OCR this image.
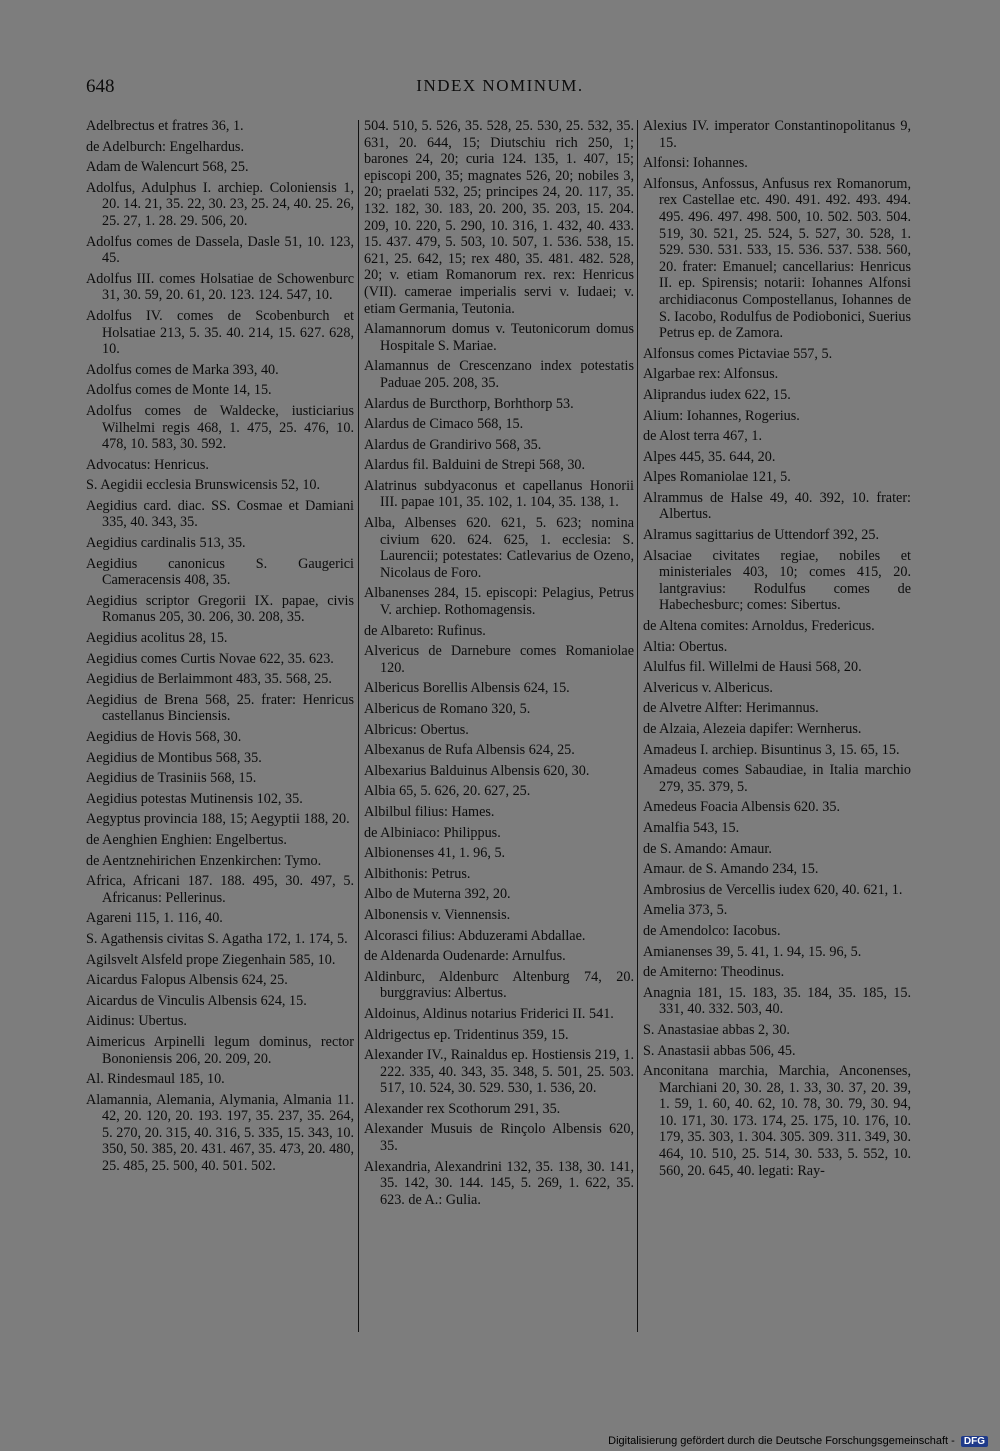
648	INDEX NOMINUM.
Adelbrectus et fratres 36, 1.
de Adelburch: Engelhardus.
Adam de Walencurt 568, 25.
Adolfus, Adulphus I. archiep. Coloniensis 1, 20. 14. 21, 35. 22, 30. 23, 25. 24, 40. 25. 26, 25. 27, 1. 28. 29. 506, 20.
Adolfus comes de Dassela, Dasle 51, 10. 123, 45.
Adolfus III. comes Holsatiae de Schowenburc 31, 30. 59, 20. 61, 20. 123. 124. 547, 10.
Adolfus IV. comes de Scobenburch et Holsatiae 213, 5. 35. 40. 214, 15. 627. 628, 10.
Adolfus comes de Marka 393, 40.
Adolfus comes de Monte 14, 15.
Adolfus comes de Waldecke, iusticiarius Wilhelmi regis 468, 1. 475, 25. 476, 10. 478, 10. 583, 30. 592.
Advocatus: Henricus.
S. Aegidii ecclesia Brunswicensis 52, 10.
Aegidius card. diac. SS. Cosmae et Damiani 335, 40. 343, 35.
Aegidius cardinalis 513, 35.
Aegidius canonicus S. Gaugerici Cameracensis 408, 35.
Aegidius scriptor Gregorii IX. papae, civis Romanus 205, 30. 206, 30. 208, 35.
Aegidius acolitus 28, 15.
Aegidius comes Curtis Novae 622, 35. 623.
Aegidius de Berlaimmont 483, 35. 568, 25.
Aegidius de Brena 568, 25. frater: Henricus castellanus Binciensis.
Aegidius de Hovis 568, 30.
Aegidius de Montibus 568, 35.
Aegidius de Trasiniis 568, 15.
Aegidius potestas Mutinensis 102, 35.
Aegyptus provincia 188, 15; Aegyptii 188, 20.
de Aenghien Enghien: Engelbertus.
de Aentznehirichen Enzenkirchen: Tymo.
Africa, Africani 187. 188. 495, 30. 497, 5. Africanus: Pellerinus.
Agareni 115, 1. 116, 40.
S. Agathensis civitas S. Agatha 172, 1. 174, 5.
Agilsvelt Alsfeld prope Ziegenhain 585, 10.
Aicardus Falopus Albensis 624, 25.
Aicardus de Vinculis Albensis 624, 15.
Aidinus: Ubertus.
Aimericus Arpinelli legum dominus, rector Bononiensis 206, 20. 209, 20.
Al. Rindesmaul 185, 10.
Alamannia, Alemania, Alymania, Almania 11. 42, 20. 120, 20. 193. 197, 35. 237, 35. 264, 5. 270, 20. 315, 40. 316, 5. 335, 15. 343, 10. 350, 50. 385, 20. 431. 467, 35. 473, 20. 480, 25. 485, 25. 500, 40. 501. 502.
504. 510, 5. 526, 35. 528, 25. 530, 25. 532, 35. 631, 20. 644, 15; Diutschiu rich 250, 1; barones 24, 20; curia 124. 135, 1. 407, 15; episcopi 200, 35; magnates 526, 20; nobiles 3, 20; praelati 532, 25; principes 24, 20. 117, 35. 132. 182, 30. 183, 20. 200, 35. 203, 15. 204. 209, 10. 220, 5. 290, 10. 316, 1. 432, 40. 433. 15. 437. 479, 5. 503, 10. 507, 1. 536. 538, 15. 621, 25. 642, 15; rex 480, 35. 481. 482. 528, 20; v. etiam Romanorum rex. rex: Henricus (VII). camerae imperialis servi v. Iudaei; v. etiam Germania, Teutonia.
Alamannorum domus v. Teutonicorum domus Hospitale S. Mariae.
Alamannus de Crescenzano index potestatis Paduae 205. 208, 35.
Alardus de Burcthorp, Borhthorp 53.
Alardus de Cimaco 568, 15.
Alardus de Grandirivo 568, 35.
Alardus fil. Balduini de Strepi 568, 30.
Alatrinus subdyaconus et capellanus Honorii III. papae 101, 35. 102, 1. 104, 35. 138, 1.
Alba, Albenses 620. 621, 5. 623; nomina civium 620. 624. 625, 1. ecclesia: S. Laurencii; potestates: Catlevarius de Ozeno, Nicolaus de Foro.
Albanenses 284, 15. episcopi: Pelagius, Petrus V. archiep. Rothomagensis.
de Albareto: Rufinus.
Alvericus de Darnebure comes Romaniolae 120.
Albericus Borellis Albensis 624, 15.
Albericus de Romano 320, 5.
Albricus: Obertus.
Albexanus de Rufa Albensis 624, 25.
Albexarius Balduinus Albensis 620, 30.
Albia 65, 5. 626, 20. 627, 25.
Albilbul filius: Hames.
de Albiniaco: Philippus.
Albionenses 41, 1. 96, 5.
Albithonis: Petrus.
Albo de Muterna 392, 20.
Albonensis v. Viennensis.
Alcorasci filius: Abduzerami Abdallae.
de Aldenarda Oudenarde: Arnulfus.
Aldinburc, Aldenburc Altenburg 74, 20. burggravius: Albertus.
Aldoinus, Aldinus notarius Friderici II. 541.
Aldrigectus ep. Tridentinus 359, 15.
Alexander IV., Rainaldus ep. Hostiensis 219, 1. 222. 335, 40. 343, 35. 348, 5. 501, 25. 503. 517, 10. 524, 30. 529. 530, 1. 536, 20.
Alexander rex Scothorum 291, 35.
Alexander Musuis de Rinçolo Albensis 620, 35.
Alexandria, Alexandrini 132, 35. 138, 30. 141, 35. 142, 30. 144. 145, 5. 269, 1. 622, 35. 623. de A.: Gulia.
Alexius IV. imperator Constantinopolitanus 9, 15.
Alfonsi: Iohannes.
Alfonsus, Anfossus, Anfusus rex Romanorum, rex Castellae etc. 490. 491. 492. 493. 494. 495. 496. 497. 498. 500, 10. 502. 503. 504. 519, 30. 521, 25. 524, 5. 527, 30. 528, 1. 529. 530. 531. 533, 15. 536. 537. 538. 560, 20. frater: Emanuel; cancellarius: Henricus II. ep. Spirensis; notarii: Iohannes Alfonsi archidiaconus Compostellanus, Iohannes de S. Iacobo, Rodulfus de Podiobonici, Suerius Petrus ep. de Zamora.
Alfonsus comes Pictaviae 557, 5.
Algarbae rex: Alfonsus.
Aliprandus iudex 622, 15.
Alium: Iohannes, Rogerius.
de Alost terra 467, 1.
Alpes 445, 35. 644, 20.
Alpes Romaniolae 121, 5.
Alrammus de Halse 49, 40. 392, 10. frater: Albertus.
Alramus sagittarius de Uttendorf 392, 25.
Alsaciae civitates regiae, nobiles et ministeriales 403, 10; comes 415, 20. lantgravius: Rodulfus comes de Habechesburc; comes: Sibertus.
de Altena comites: Arnoldus, Fredericus.
Altia: Obertus.
Alulfus fil. Willelmi de Hausi 568, 20.
Alvericus v. Albericus.
de Alvetre Alfter: Herimannus.
de Alzaia, Alezeia dapifer: Wernherus.
Amadeus I. archiep. Bisuntinus 3, 15. 65, 15.
Amadeus comes Sabaudiae, in Italia marchio 279, 35. 379, 5.
Amedeus Foacia Albensis 620. 35.
Amalfia 543, 15.
de S. Amando: Amaur.
Amaur. de S. Amando 234, 15.
Ambrosius de Vercellis iudex 620, 40. 621, 1.
Amelia 373, 5.
de Amendolco: Iacobus.
Amianenses 39, 5. 41, 1. 94, 15. 96, 5.
de Amiterno: Theodinus.
Anagnia 181, 15. 183, 35. 184, 35. 185, 15. 331, 40. 332. 503, 40.
S. Anastasiae abbas 2, 30.
S. Anastasii abbas 506, 45.
Anconitana marchia, Marchia, Anconenses, Marchiani 20, 30. 28, 1. 33, 30. 37, 20. 39, 1. 59, 1. 60, 40. 62, 10. 78, 30. 79, 30. 94, 10. 171, 30. 173. 174, 25. 175, 10. 176, 10. 179, 35. 303, 1. 304. 305. 309. 311. 349, 30. 464, 10. 510, 25. 514, 30. 533, 5. 552, 10. 560, 20. 645, 40. legati: Ray-
Digitalisierung gefördert durch die Deutsche Forschungsgemeinschaft - DFG
